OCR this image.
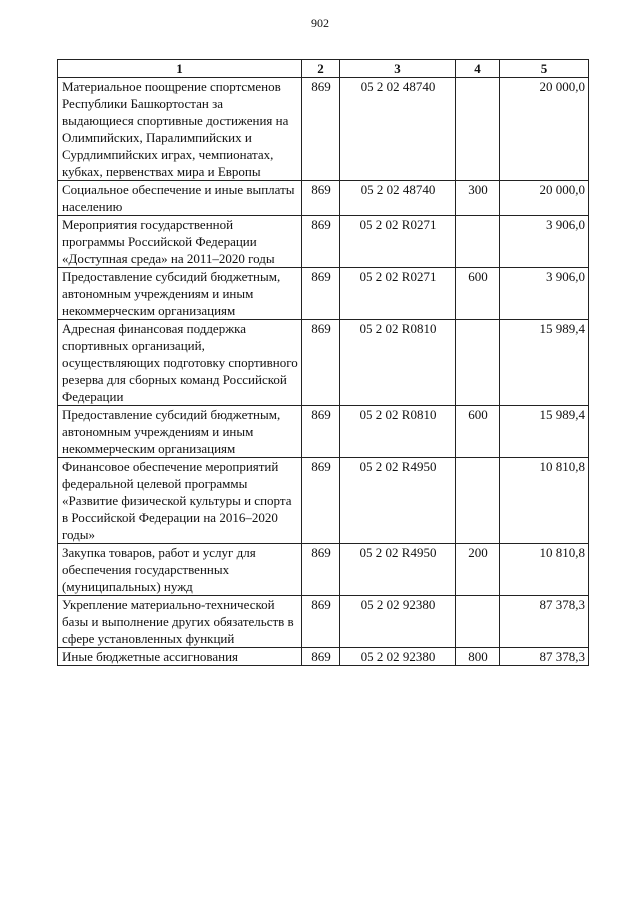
902
1	2	3	4	5
Материальное поощрение спортсменов Республики Башкортостан за выдающиеся спортивные достижения на Олимпийских, Паралимпийских и Сурдлимпийских играх, чемпионатах, кубках, первенствах мира и Европы	869	05 2 02 48740		20 000,0
Социальное обеспечение и иные выплаты населению	869	05 2 02 48740	300	20 000,0
Мероприятия государственной программы Российской Федерации «Доступная среда» на 2011–2020 годы	869	05 2 02 R0271		3 906,0
Предоставление субсидий бюджетным, автономным учреждениям и иным некоммерческим организациям	869	05 2 02 R0271	600	3 906,0
Адресная финансовая поддержка спортивных организаций, осуществляющих подготовку спортивного резерва для сборных команд Российской Федерации	869	05 2 02 R0810		15 989,4
Предоставление субсидий бюджетным, автономным учреждениям и иным некоммерческим организациям	869	05 2 02 R0810	600	15 989,4
Финансовое обеспечение мероприятий федеральной целевой программы «Развитие физической культуры и спорта в Российской Федерации на 2016–2020 годы»	869	05 2 02 R4950		10 810,8
Закупка товаров, работ и услуг для обеспечения государственных (муниципальных) нужд	869	05 2 02 R4950	200	10 810,8
Укрепление материально-технической базы и выполнение других обязательств в сфере установленных функций	869	05 2 02 92380		87 378,3
Иные бюджетные ассигнования	869	05 2 02 92380	800	87 378,3
